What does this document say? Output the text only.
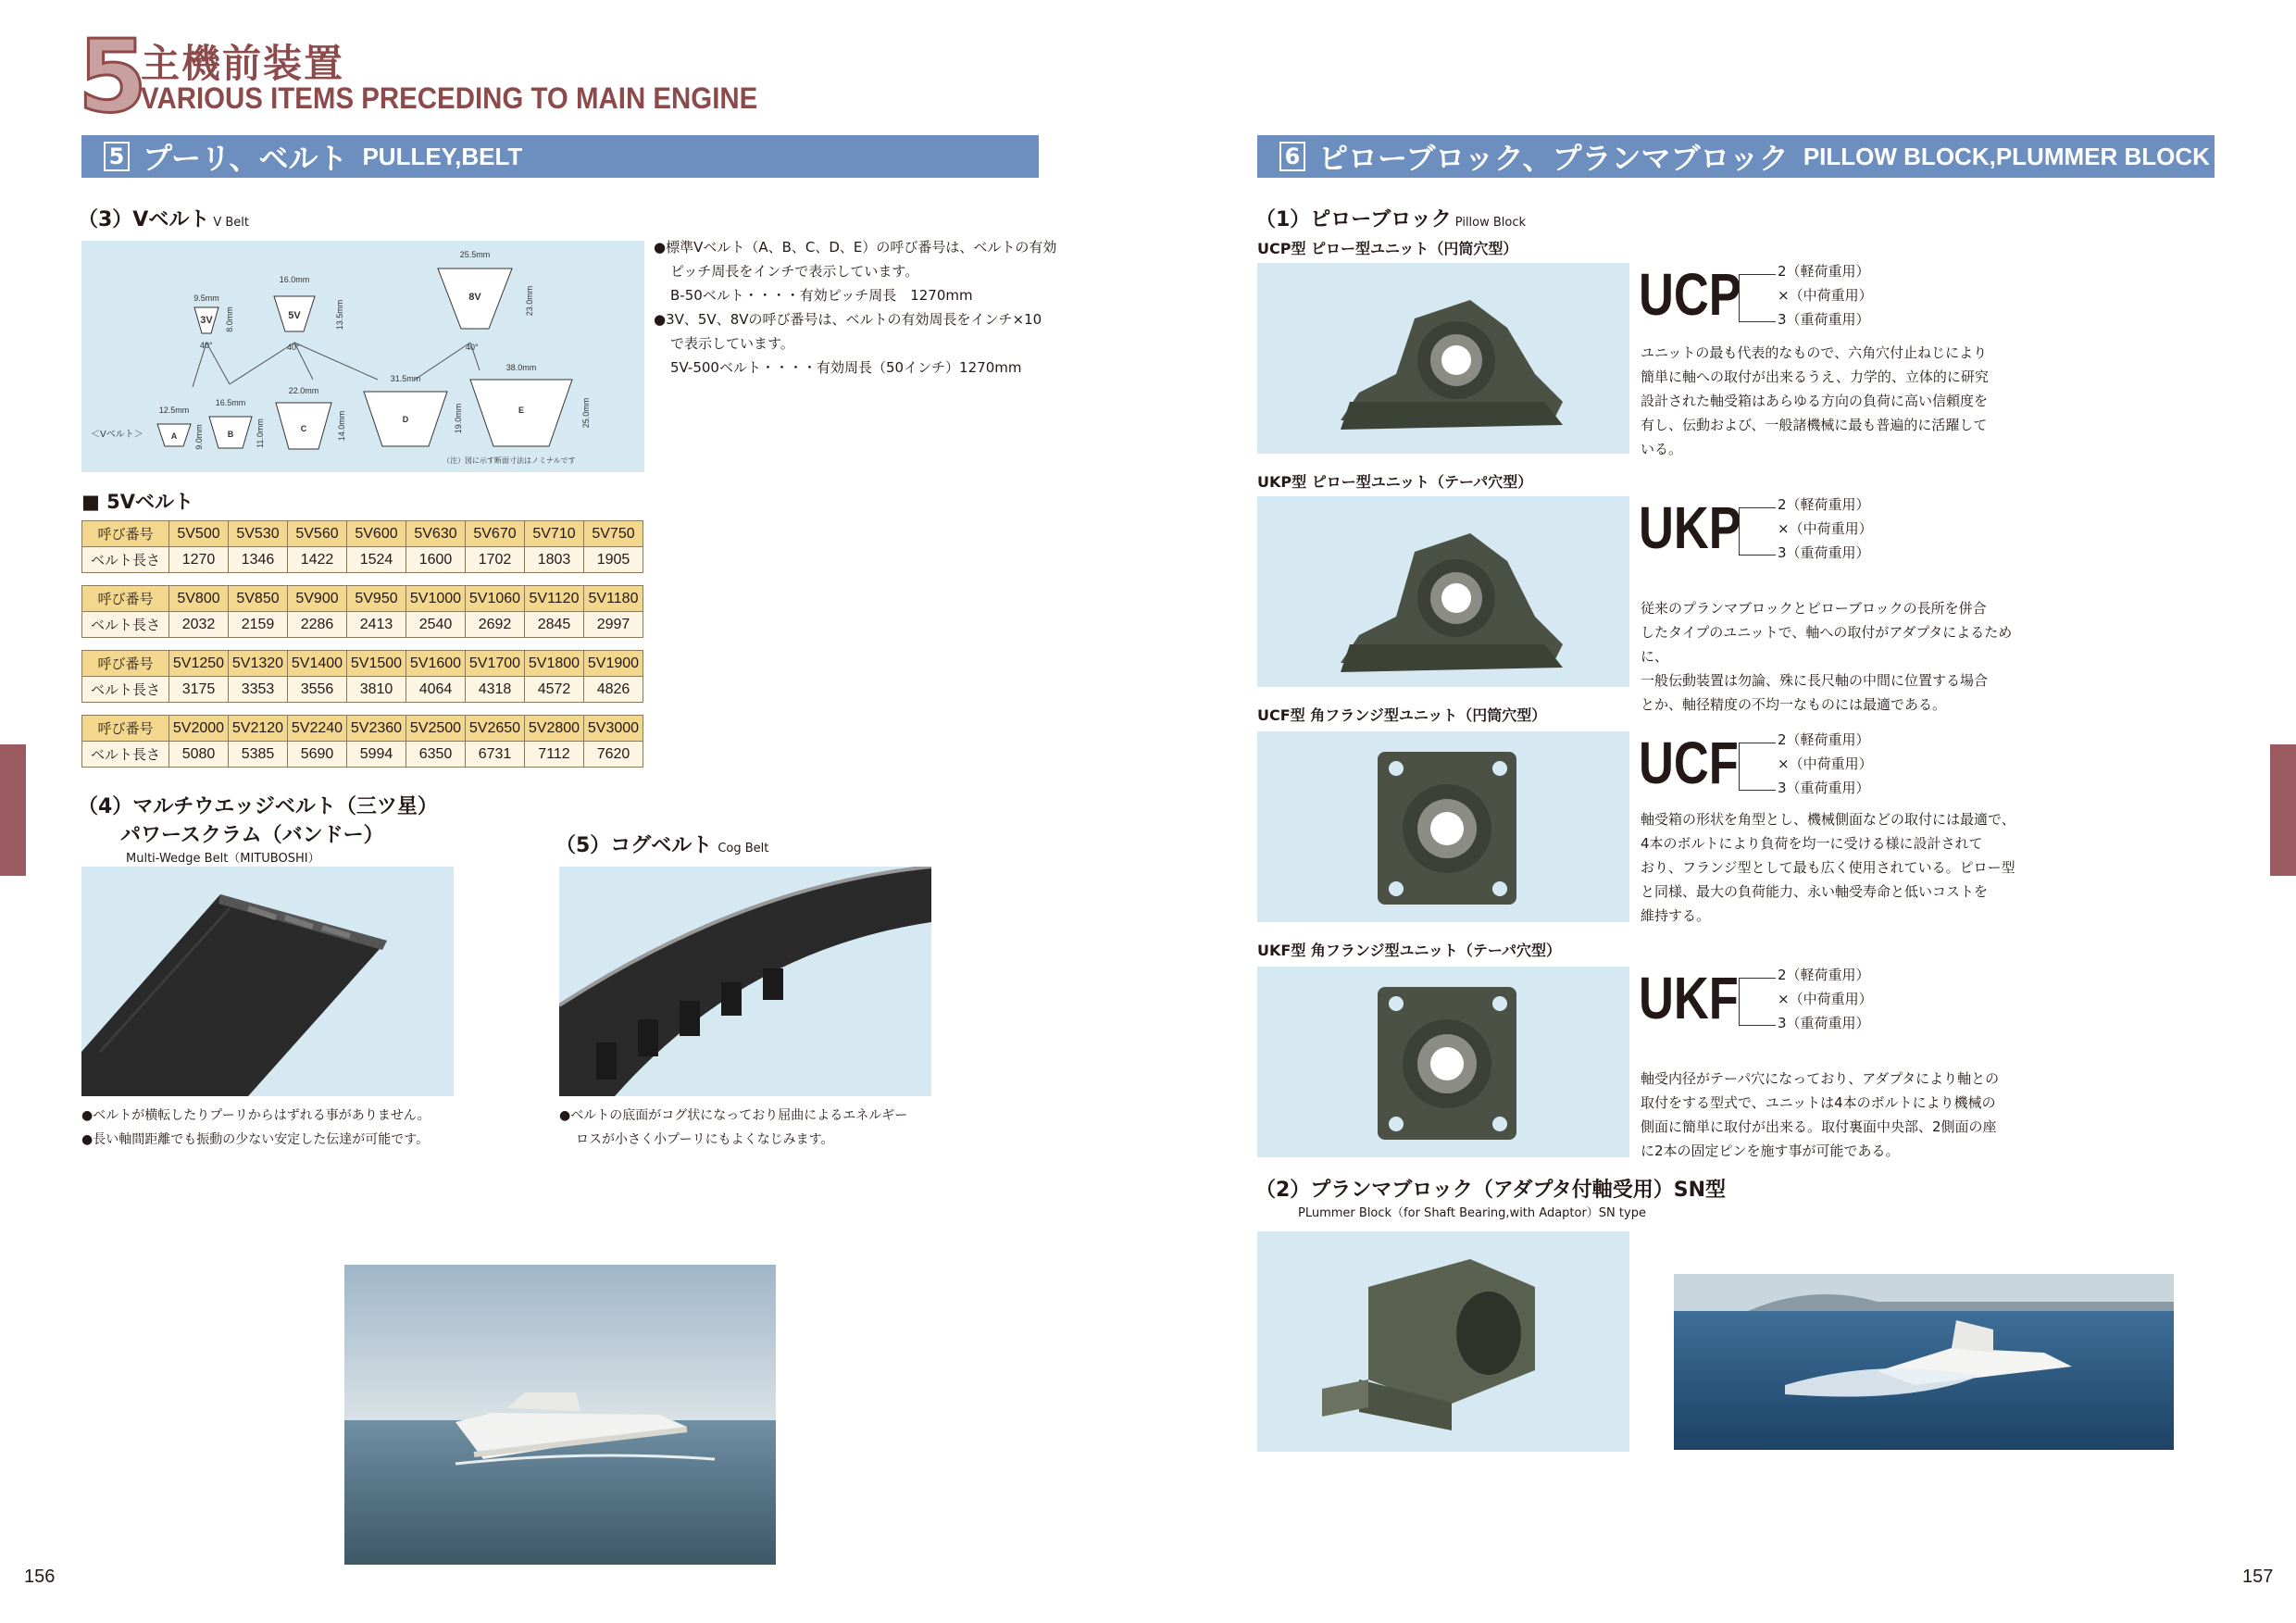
5
主機前装置
VARIOUS ITEMS PRECEDING TO MAIN ENGINE
5 プーリ、ベルト PULLEY,BELT
（3）Vベルト V Belt
3V
9.5mm
8.0mm	5V
16.0mm
13.5mm
8V
25.5mm
23.0mm
40°	40°	40°
A
12.5mm
9.0mm	B
16.5mm
11.0mm	C
22.0mm
14.0mm	D
31.5mm
19.0mm	E
38.0mm
25.0mm
＜Vベルト＞
（注）図に示す断面寸法はノミナルです
●標準Vベルト（A、B、C、D、E）の呼び番号は、ベルトの有効
ピッチ周長をインチで表示しています。
B-50ベルト・・・・有効ピッチ周長　1270mm
●3V、5V、8Vの呼び番号は、ベルトの有効周長をインチ×10
で表示しています。
5V-500ベルト・・・・有効周長（50インチ）1270mm
■ 5Vベルト
呼び番号	5V500	5V530	5V560	5V600	5V630	5V670	5V710	5V750
ベルト長さ	1270	1346	1422	1524	1600	1702	1803	1905
呼び番号	5V800	5V850	5V900	5V950	5V1000	5V1060	5V1120	5V1180
ベルト長さ	2032	2159	2286	2413	2540	2692	2845	2997
呼び番号	5V1250	5V1320	5V1400	5V1500	5V1600	5V1700	5V1800	5V1900
ベルト長さ	3175	3353	3556	3810	4064	4318	4572	4826
呼び番号	5V2000	5V2120	5V2240	5V2360	5V2500	5V2650	5V2800	5V3000
ベルト長さ	5080	5385	5690	5994	6350	6731	7112	7620
（4）マルチウエッジベルト（三ツ星）
パワースクラム（バンドー）
Multi-Wedge Belt（MITUBOSHI）
（5）コグベルト Cog Belt
●ベルトが横転したりプーリからはずれる事がありません。
●長い軸間距離でも振動の少ない安定した伝達が可能です。
●ベルトの底面がコグ状になっており屈曲によるエネルギー
ロスが小さく小プーリにもよくなじみます。
156
6 ピローブロック、プランマブロック PILLOW BLOCK,PLUMMER BLOCK
（1）ピローブロック Pillow Block
UCP型 ピロー型ユニット（円筒穴型）
UCP	2（軽荷重用）
×（中荷重用）
3（重荷重用）
ユニットの最も代表的なもので、六角穴付止ねじにより
簡単に軸への取付が出来るうえ、力学的、立体的に研究
設計された軸受箱はあらゆる方向の負荷に高い信頼度を
有し、伝動および、一般諸機械に最も普遍的に活躍して
いる。
UKP型 ピロー型ユニット（テーパ穴型）
UKP	2（軽荷重用）
×（中荷重用）
3（重荷重用）
従来のプランマブロックとピローブロックの長所を併合
したタイプのユニットで、軸への取付がアダプタによるために、
一般伝動装置は勿論、殊に長尺軸の中間に位置する場合
とか、軸径精度の不均一なものには最適である。
UCF型 角フランジ型ユニット（円筒穴型）
UCF	2（軽荷重用）
×（中荷重用）
3（重荷重用）
軸受箱の形状を角型とし、機械側面などの取付には最適で、
4本のボルトにより負荷を均一に受ける様に設計されて
おり、フランジ型として最も広く使用されている。ピロー型
と同様、最大の負荷能力、永い軸受寿命と低いコストを
維持する。
UKF型 角フランジ型ユニット（テーパ穴型）
UKF	2（軽荷重用）
×（中荷重用）
3（重荷重用）
軸受内径がテーパ穴になっており、アダプタにより軸との
取付をする型式で、ユニットは4本のボルトにより機械の
側面に簡単に取付が出来る。取付裏面中央部、2側面の座
に2本の固定ピンを施す事が可能である。
（2）プランマブロック（アダプタ付軸受用）SN型
PLummer Block（for Shaft Bearing,with Adaptor）SN type
157
